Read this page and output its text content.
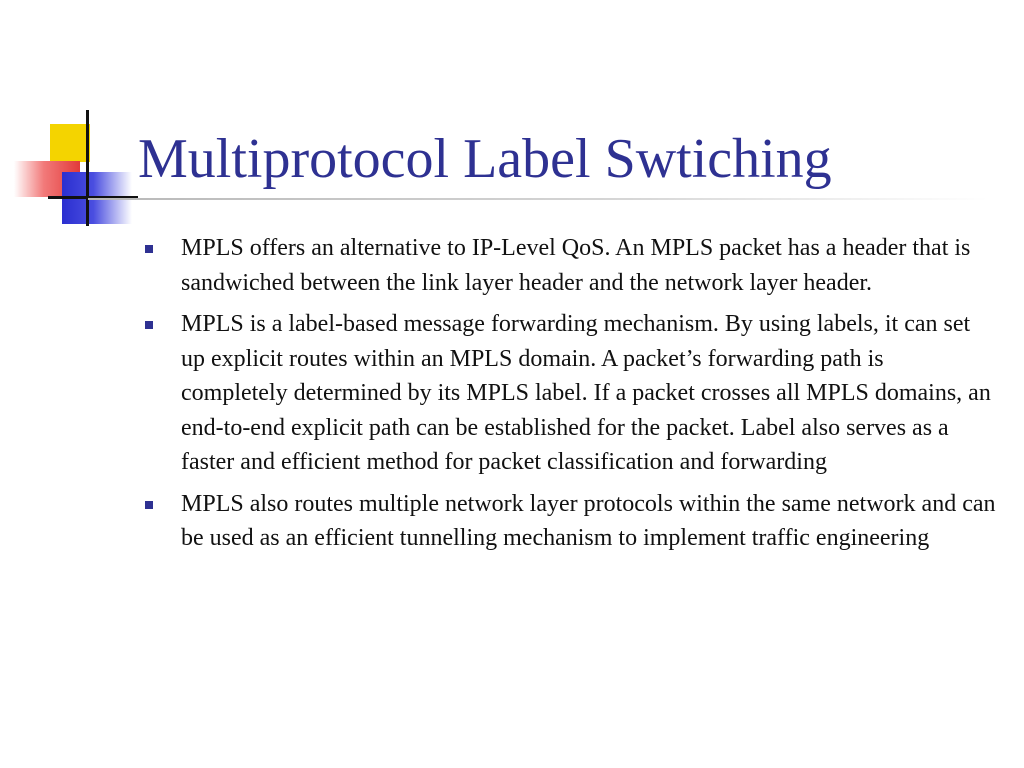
Multiprotocol Label Swtiching
MPLS offers an alternative to IP-Level QoS. An MPLS packet has a header that is sandwiched between the link layer header and the network layer header.
MPLS is a label-based message forwarding mechanism. By using labels, it can set up explicit routes within an MPLS domain. A packet’s forwarding path is completely determined by its MPLS label. If a packet crosses all MPLS domains, an end-to-end explicit path can be established for the packet. Label also serves as a faster and efficient method for packet classification and forwarding
MPLS also routes multiple network layer protocols within the same network and can be used as an efficient tunnelling mechanism to implement traffic engineering
